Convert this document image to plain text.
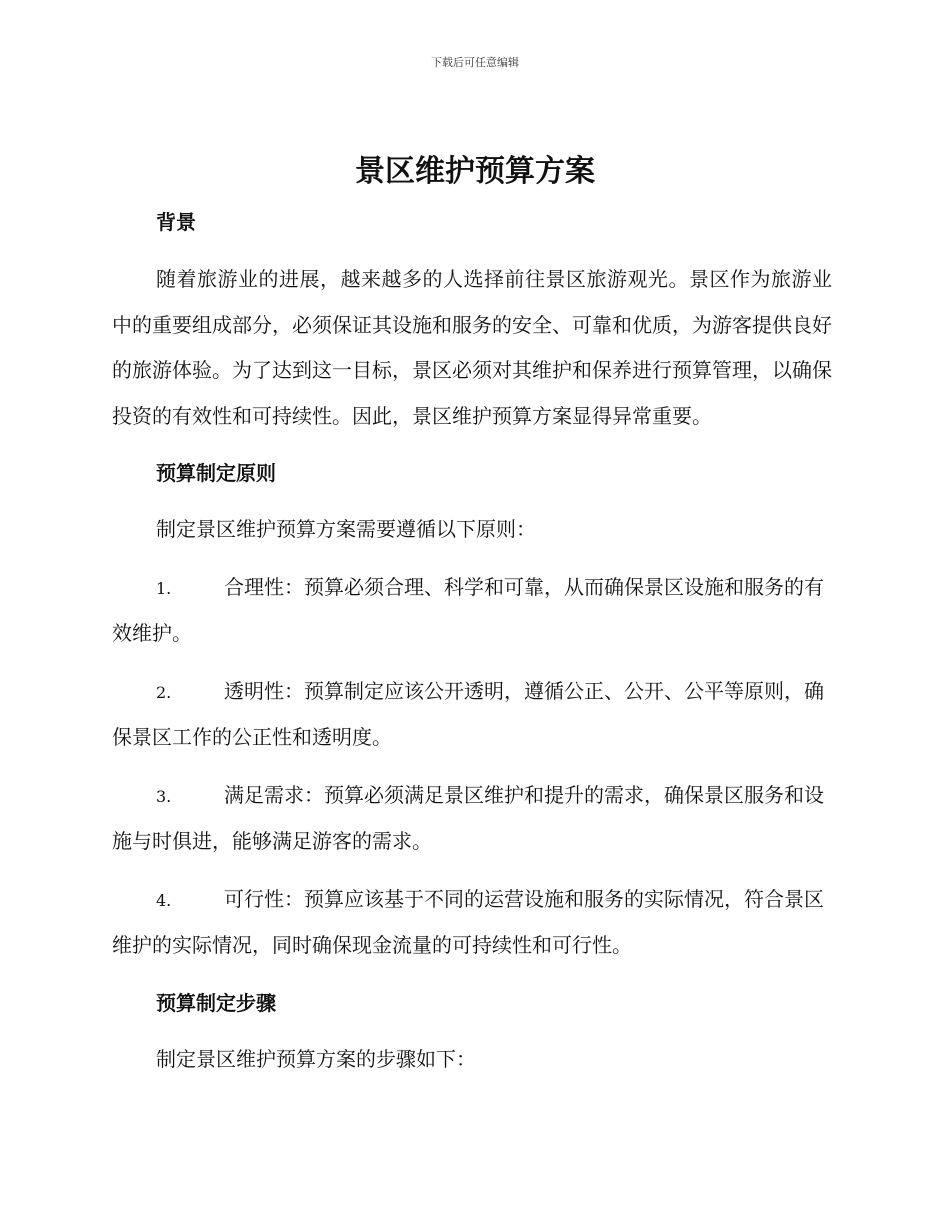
下载后可任意编辑
景区维护预算方案

背景

随着旅游业的进展，越来越多的人选择前往景区旅游观光。景区作为旅游业中的重要组成部分，必须保证其设施和服务的安全、可靠和优质，为游客提供良好的旅游体验。为了达到这一目标，景区必须对其维护和保养进行预算管理，以确保投资的有效性和可持续性。因此，景区维护预算方案显得异常重要。

预算制定原则

制定景区维护预算方案需要遵循以下原则：

1.	合理性：预算必须合理、科学和可靠，从而确保景区设施和服务的有效维护。

2.	透明性：预算制定应该公开透明，遵循公正、公开、公平等原则，确保景区工作的公正性和透明度。

3.	满足需求：预算必须满足景区维护和提升的需求，确保景区服务和设施与时俱进，能够满足游客的需求。

4.	可行性：预算应该基于不同的运营设施和服务的实际情况，符合景区维护的实际情况，同时确保现金流量的可持续性和可行性。

预算制定步骤

制定景区维护预算方案的步骤如下：
